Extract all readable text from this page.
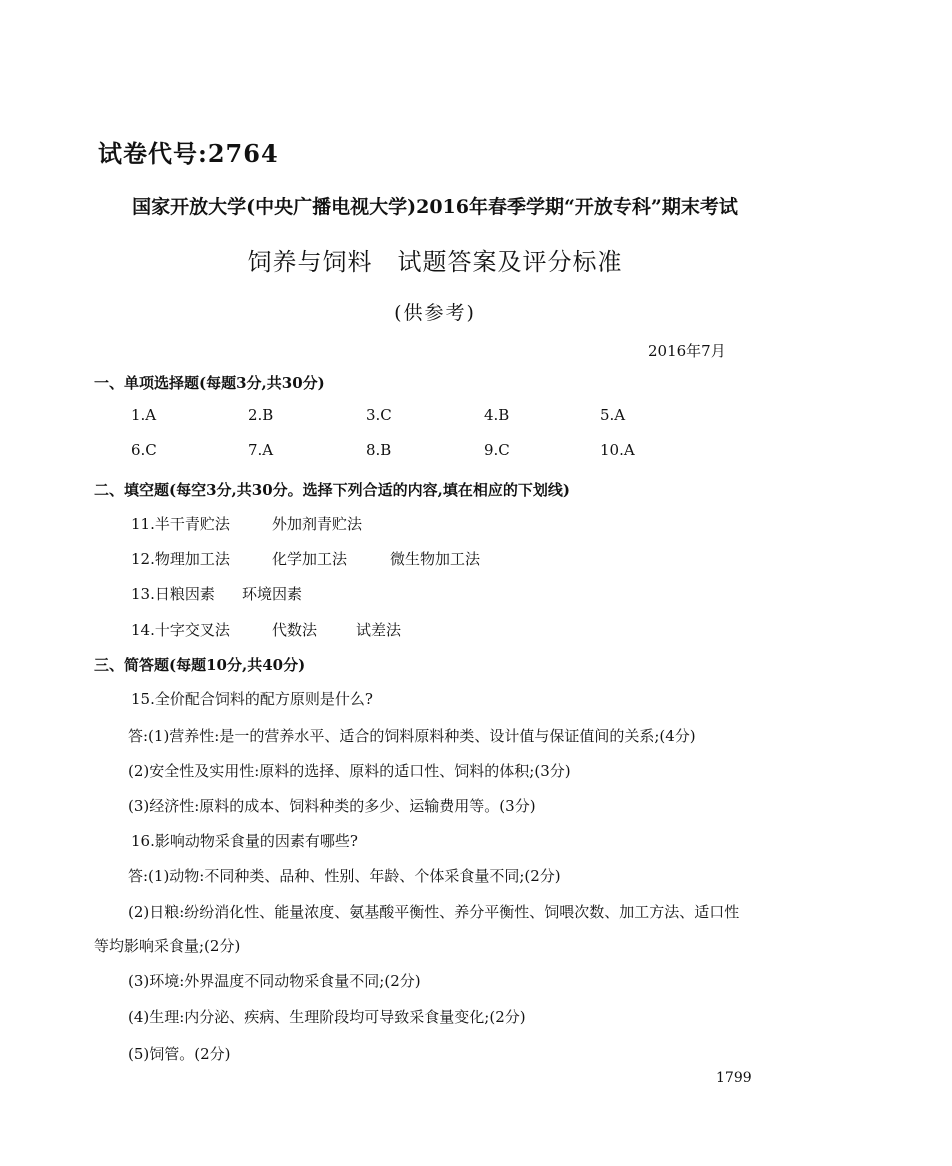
试卷代号:2764
国家开放大学(中央广播电视大学)2016年春季学期“开放专科”期末考试
饲养与饲料　试题答案及评分标准
(供参考)
2016年7月
一、单项选择题(每题3分,共30分)
1.A	2.B	3.C	4.B	5.A
6.C	7.A	8.B	9.C	10.A
二、填空题(每空3分,共30分。选择下列合适的内容,填在相应的下划线)
11.半干青贮法	外加剂青贮法
12.物理加工法	化学加工法	微生物加工法
13.日粮因素 环境因素
14.十字交叉法	代数法	试差法
三、简答题(每题10分,共40分)
15.全价配合饲料的配方原则是什么?
答:(1)营养性:是一的营养水平、适合的饲料原料种类、设计值与保证值间的关系;(4分)
(2)安全性及实用性:原料的选择、原料的适口性、饲料的体积;(3分)
(3)经济性:原料的成本、饲料种类的多少、运输费用等。(3分)
16.影响动物采食量的因素有哪些?
答:(1)动物:不同种类、品种、性别、年龄、个体采食量不同;(2分)
(2)日粮:纷纷消化性、能量浓度、氨基酸平衡性、养分平衡性、饲喂次数、加工方法、适口性
等均影响采食量;(2分)
(3)环境:外界温度不同动物采食量不同;(2分)
(4)生理:内分泌、疾病、生理阶段均可导致采食量变化;(2分)
(5)饲管。(2分)
1799
